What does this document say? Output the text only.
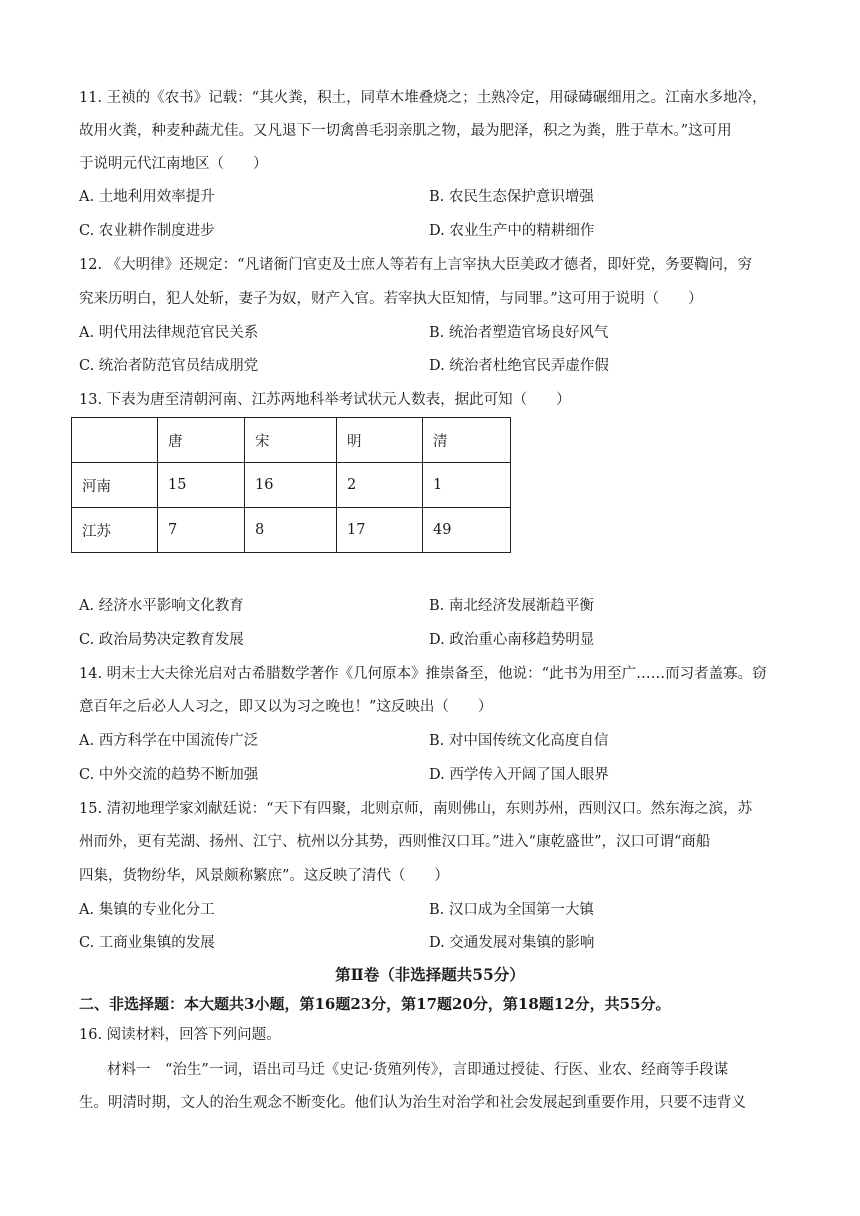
11. 王祯的《农书》记载：“其火粪，积土，同草木堆叠烧之；土熟冷定，用碌碡碾细用之。江南水多地冷，
故用火粪，种麦种蔬尤佳。又凡退下一切禽兽毛羽亲肌之物，最为肥泽，积之为粪，胜于草木。”这可用
于说明元代江南地区（　　）
A. 土地利用效率提升	B. 农民生态保护意识增强
C. 农业耕作制度进步	D. 农业生产中的精耕细作
12. 《大明律》还规定：“凡诸衙门官吏及士庶人等若有上言宰执大臣美政才德者，即奸党，务要鞫问，穷
究来历明白，犯人处斩，妻子为奴，财产入官。若宰执大臣知情，与同罪。”这可用于说明（　　）
A. 明代用法律规范官民关系	B. 统治者塑造官场良好风气
C. 统治者防范官员结成朋党	D. 统治者杜绝官民弄虚作假
13. 下表为唐至清朝河南、江苏两地科举考试状元人数表，据此可知（　　）
	唐	宋	明	清
河南	15	16	2	1
江苏	7	8	17	49
A. 经济水平影响文化教育	B. 南北经济发展渐趋平衡
C. 政治局势决定教育发展	D. 政治重心南移趋势明显
14. 明末士大夫徐光启对古希腊数学著作《几何原本》推崇备至，他说：“此书为用至广……而习者盖寡。窃
意百年之后必人人习之，即又以为习之晚也！”这反映出（　　）
A. 西方科学在中国流传广泛	B. 对中国传统文化高度自信
C. 中外交流的趋势不断加强	D. 西学传入开阔了国人眼界
15. 清初地理学家刘献廷说：“天下有四聚，北则京师，南则佛山，东则苏州，西则汉口。然东海之滨，苏
州而外，更有芜湖、扬州、江宁、杭州以分其势，西则惟汉口耳。”进入“康乾盛世”，汉口可谓“商船
四集，货物纷华，风景颇称繁庶”。这反映了清代（　　）
A. 集镇的专业化分工	B. 汉口成为全国第一大镇
C. 工商业集镇的发展	D. 交通发展对集镇的影响
第Ⅱ卷（非选择题共55分）
二、非选择题：本大题共3小题，第16题23分，第17题20分，第18题12分，共55分。
16. 阅读材料，回答下列问题。
材料一　“治生”一词，语出司马迁《史记·货殖列传》，言即通过授徒、行医、业农、经商等手段谋
生。明清时期，文人的治生观念不断变化。他们认为治生对治学和社会发展起到重要作用，只要不违背义
